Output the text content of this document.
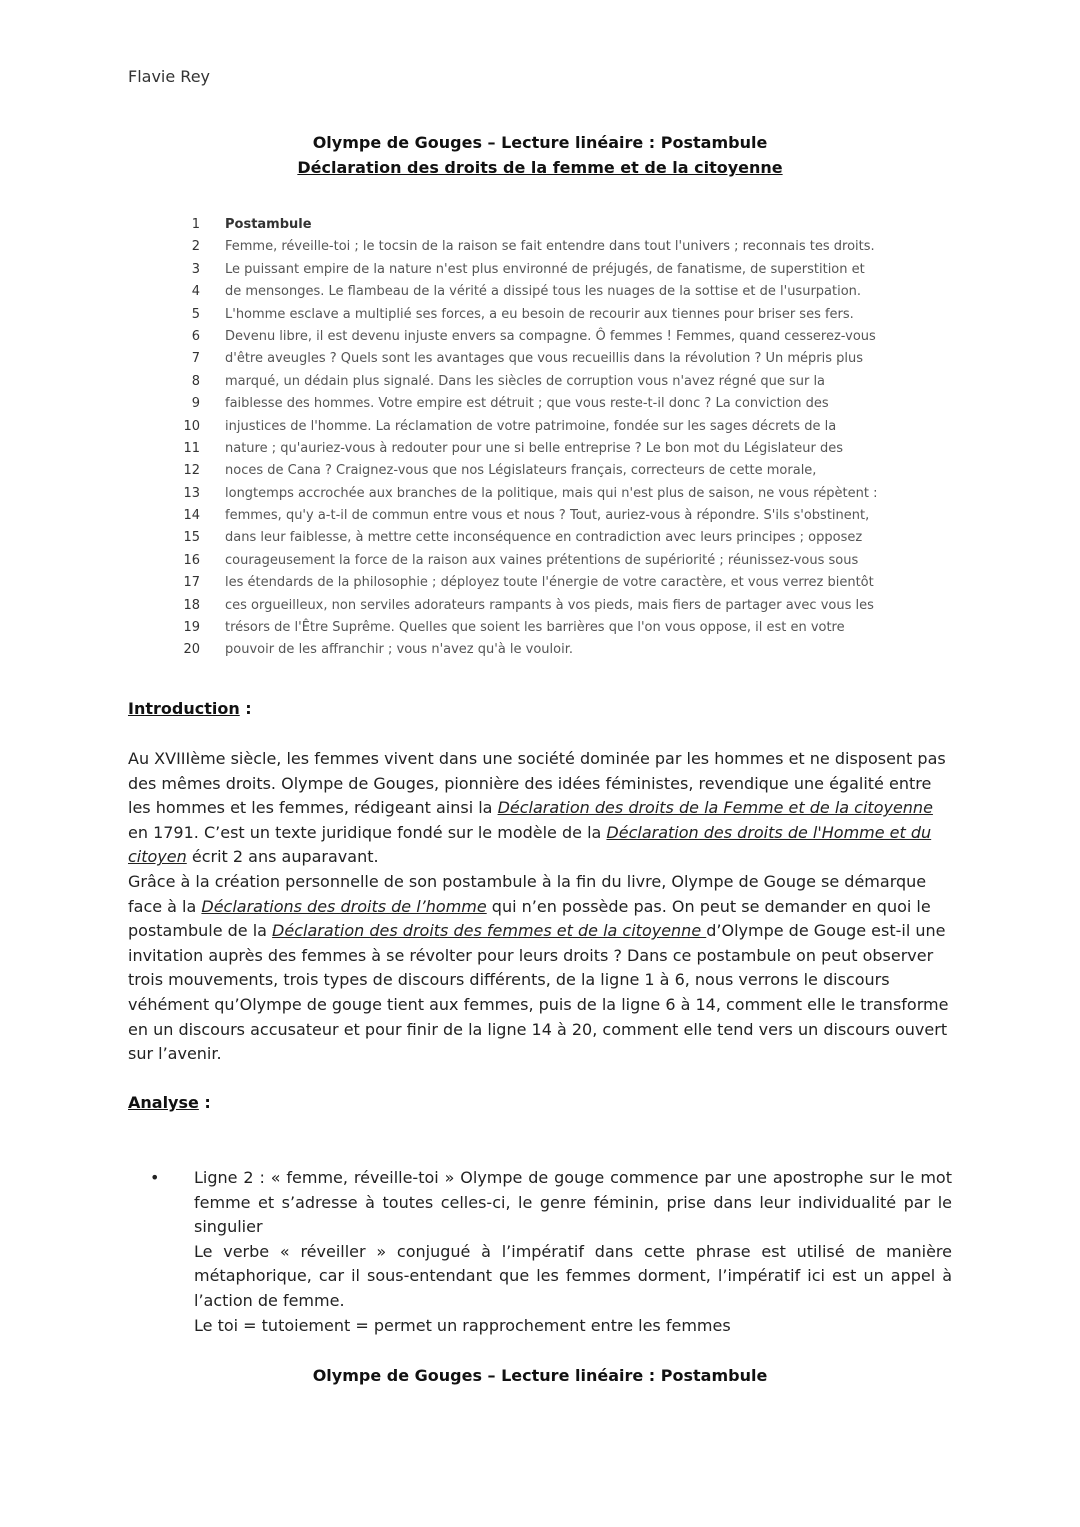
Flavie Rey
Olympe de Gouges – Lecture linéaire : Postambule
Déclaration des droits de la femme et de la citoyenne
1 Postambule
2 Femme, réveille-toi ; le tocsin de la raison se fait entendre dans tout l'univers ; reconnais tes droits.
3 Le puissant empire de la nature n'est plus environné de préjugés, de fanatisme, de superstition et
4 de mensonges. Le flambeau de la vérité a dissipé tous les nuages de la sottise et de l'usurpation.
5 L'homme esclave a multiplié ses forces, a eu besoin de recourir aux tiennes pour briser ses fers.
6 Devenu libre, il est devenu injuste envers sa compagne. Ô femmes ! Femmes, quand cesserez-vous
7 d'être aveugles ? Quels sont les avantages que vous recueillis dans la révolution ? Un mépris plus
8 marqué, un dédain plus signalé. Dans les siècles de corruption vous n'avez régné que sur la
9 faiblesse des hommes. Votre empire est détruit ; que vous reste-t-il donc ? La conviction des
10 injustices de l'homme. La réclamation de votre patrimoine, fondée sur les sages décrets de la
11 nature ; qu'auriez-vous à redouter pour une si belle entreprise ? Le bon mot du Législateur des
12 noces de Cana ? Craignez-vous que nos Législateurs français, correcteurs de cette morale,
13 longtemps accrochée aux branches de la politique, mais qui n'est plus de saison, ne vous répètent :
14 femmes, qu'y a-t-il de commun entre vous et nous ? Tout, auriez-vous à répondre. S'ils s'obstinent,
15 dans leur faiblesse, à mettre cette inconséquence en contradiction avec leurs principes ; opposez
16 courageusement la force de la raison aux vaines prétentions de supériorité ; réunissez-vous sous
17 les étendards de la philosophie ; déployez toute l'énergie de votre caractère, et vous verrez bientôt
18 ces orgueilleux, non serviles adorateurs rampants à vos pieds, mais fiers de partager avec vous les
19 trésors de l'Être Suprême. Quelles que soient les barrières que l'on vous oppose, il est en votre
20 pouvoir de les affranchir ; vous n'avez qu'à le vouloir.
Introduction :

Au XVIIIème siècle, les femmes vivent dans une société dominée par les hommes et ne disposent pas des mêmes droits. Olympe de Gouges, pionnière des idées féministes, revendique une égalité entre les hommes et les femmes, rédigeant ainsi la Déclaration des droits de la Femme et de la citoyenne en 1791. C’est un texte juridique fondé sur le modèle de la Déclaration des droits de l'Homme et du citoyen écrit 2 ans auparavant.

Grâce à la création personnelle de son postambule à la fin du livre, Olympe de Gouge se démarque face à la Déclarations des droits de l’homme qui n’en possède pas. On peut se demander en quoi le postambule de la Déclaration des droits des femmes et de la citoyenne d’Olympe de Gouge est-il une invitation auprès des femmes à se révolter pour leurs droits ? Dans ce postambule on peut observer trois mouvements, trois types de discours différents, de la ligne 1 à 6, nous verrons le discours véhément qu’Olympe de gouge tient aux femmes, puis de la ligne 6 à 14, comment elle le transforme en un discours accusateur et pour finir de la ligne 14 à 20, comment elle tend vers un discours ouvert sur l’avenir.

Analyse :
• Ligne 2 : « femme, réveille-toi » Olympe de gouge commence par une apostrophe sur le mot femme et s’adresse à toutes celles-ci, le genre féminin, prise dans leur individualité par le singulier

Le verbe « réveiller » conjugué à l’impératif dans cette phrase est utilisé de manière métaphorique, car il sous-entendant que les femmes dorment, l’impératif ici est un appel à l’action de femme.

Le toi = tutoiement = permet un rapprochement entre les femmes

Olympe de Gouges – Lecture linéaire : Postambule
